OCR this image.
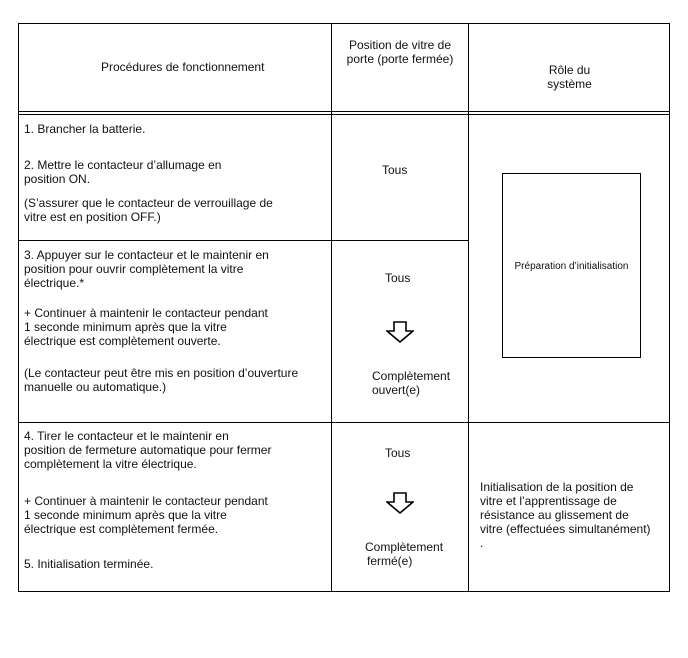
Procédures de fonctionnement
Position de vitre de
porte (porte fermée)
Rôle du
système
1. Brancher la batterie.
2. Mettre le contacteur d’allumage en
position ON.
(S’assurer que le contacteur de verrouillage de
vitre est en position OFF.)
Tous
3. Appuyer sur le contacteur et le maintenir en
position pour ouvrir complètement la vitre
électrique.*
+ Continuer à maintenir le contacteur pendant
1 seconde minimum après que la vitre
électrique est complètement ouverte.
(Le contacteur peut être mis en position d’ouverture
manuelle ou automatique.)
Tous
Complètement
ouvert(e)
Préparation d’initialisation
4. Tirer le contacteur et le maintenir en
position de fermeture automatique pour fermer
complètement la vitre électrique.
+ Continuer à maintenir le contacteur pendant
1 seconde minimum après que la vitre
électrique est complètement fermée.
5. Initialisation terminée.
Tous
Complètement
fermé(e)
Initialisation de la position de
vitre et l’apprentissage de
résistance au glissement de
vitre (effectuées simultanément)
.
